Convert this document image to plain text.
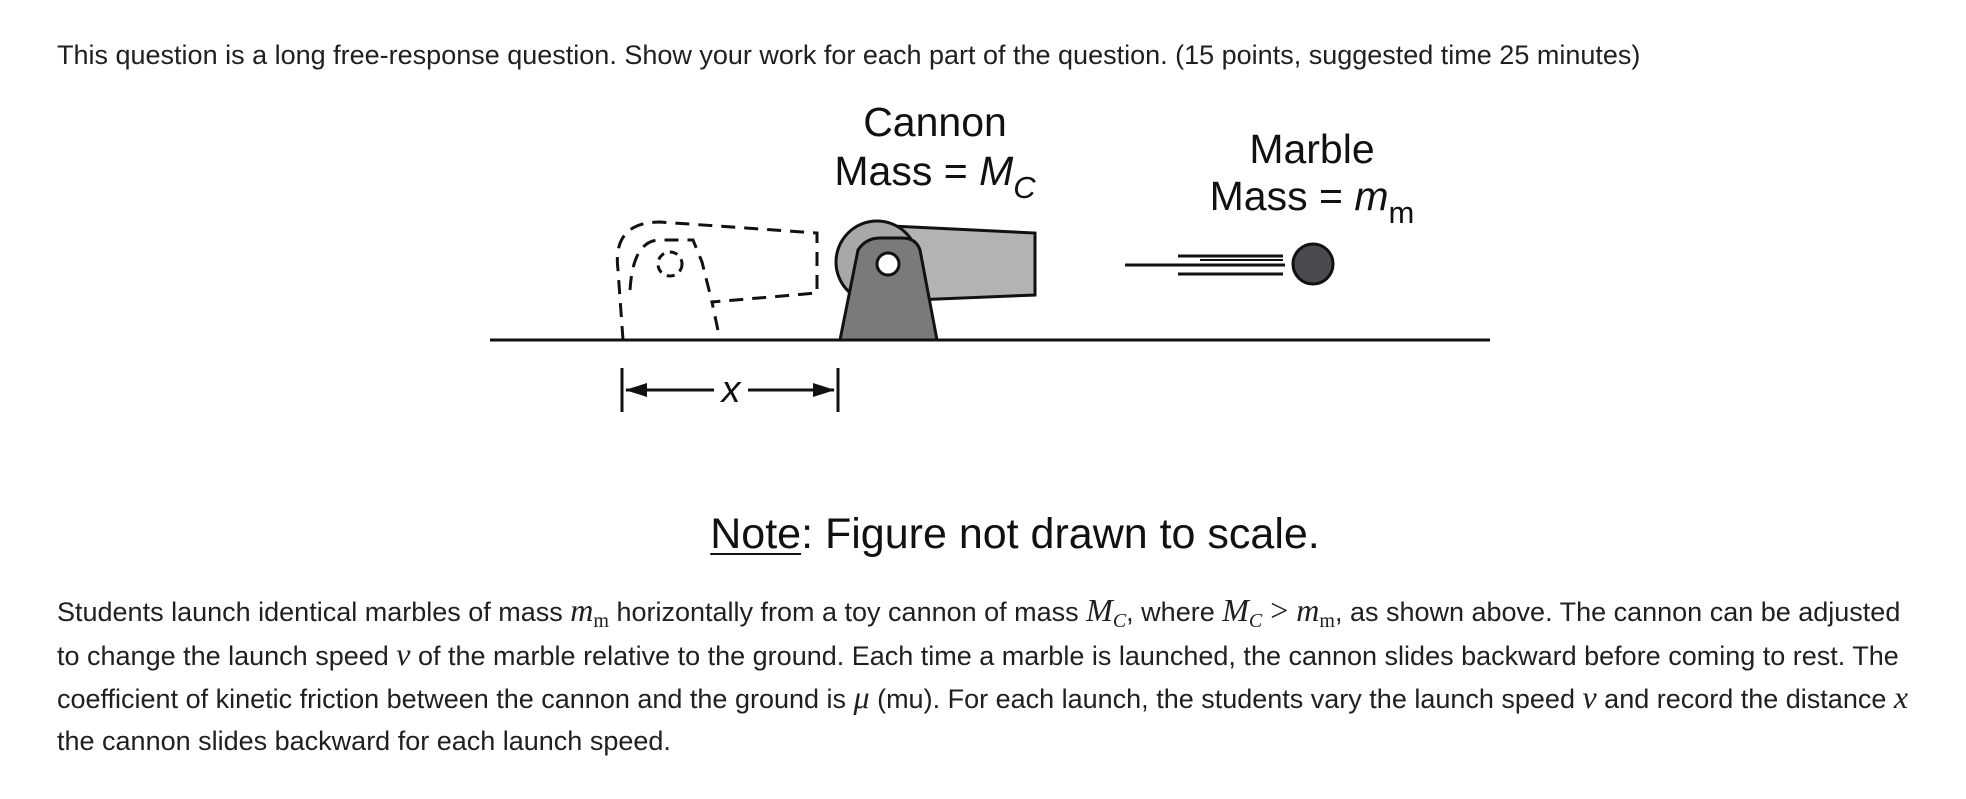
This question is a long free-response question. Show your work for each part of the question. (15 points, suggested time 25 minutes)
Cannon
Mass = $M_C$
Marble
Mass = $m_m$
x
Note: Figure not drawn to scale.
Students launch identical marbles of mass $m_m$ horizontally from a toy cannon of mass $M_C$, where $M_C > m_m$, as shown above. The cannon can be adjusted to change the launch speed v of the marble relative to the ground. Each time a marble is launched, the cannon slides backward before coming to rest. The coefficient of kinetic friction between the cannon and the ground is μ (mu). For each launch, the students vary the launch speed v and record the distance x the cannon slides backward for each launch speed.
